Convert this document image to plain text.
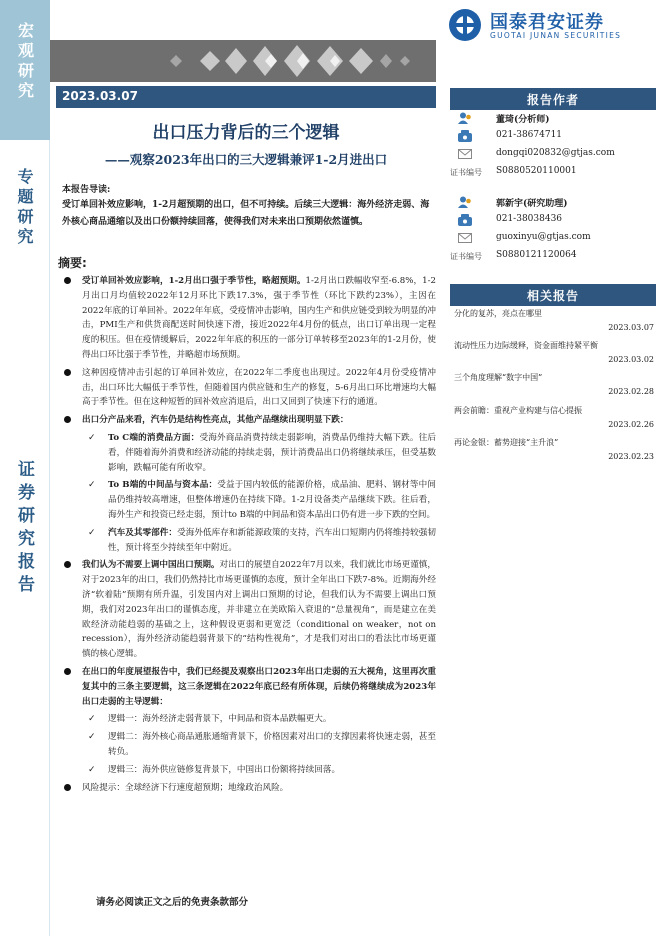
宏观研究
专题研究
证券研究报告
国泰君安证券
GUOTAI JUNAN SECURITIES
2023.03.07
出口压力背后的三个逻辑
——观察2023年出口的三大逻辑兼评1-2月进出口
本报告导读:
受订单回补效应影响，1-2月超预期的出口，但不可持续。后续三大逻辑：海外经济走弱、海外核心商品通缩以及出口份额持续回落，使得我们对未来出口预期依然谨慎。
摘要:
受订单回补效应影响，1-2月出口强于季节性，略超预期。1-2月出口跌幅收窄至-6.8%，1-2月出口月均值较2022年12月环比下跌17.3%，强于季节性（环比下跌约23%），主因在2022年底的订单回补。2022年年底，受疫情冲击影响，国内生产和供应链受到较为明显的冲击，PMI生产和供货商配送时间快速下滑，接近2022年4月份的低点，出口订单出现一定程度的积压。但在疫情缓解后，2022年年底的积压的一部分订单转移至2023年的1-2月份，使得出口环比强于季节性，并略超市场预期。
这种因疫情冲击引起的订单回补效应，在2022年二季度也出现过。2022年4月份受疫情冲击，出口环比大幅低于季节性，但随着国内供应链和生产的修复，5-6月出口环比增速均大幅高于季节性。但在这种短暂的回补效应消退后，出口又回到了快速下行的通道。
出口分产品来看，汽车仍是结构性亮点，其他产品继续出现明显下跌：
✓ To C端的消费品方面：受海外商品消费持续走弱影响，消费品仍维持大幅下跌。往后看，伴随着海外消费和经济动能的持续走弱，预计消费品出口仍将继续承压，但受基数影响，跌幅可能有所收窄。
✓ To B端的中间品与资本品：受益于国内较低的能源价格，成品油、肥料、钢材等中间品仍维持较高增速，但整体增速仍在持续下降。1-2月设备类产品继续下跌。往后看，海外生产和投资已经走弱，预计to B端的中间品和资本品出口仍有进一步下跌的空间。
✓ 汽车及其零部件：受海外低库存和新能源政策的支持，汽车出口短期内仍将维持较强韧性，预计将至少持续至年中附近。
我们认为不需要上调中国出口预期。对出口的展望自2022年7月以来，我们就比市场更谨慎，对于2023年的出口，我们仍然持比市场更谨慎的态度，预计全年出口下跌7-8%。近期海外经济“软着陆”预期有所升温，引发国内对上调出口预期的讨论，但我们认为不需要上调出口预期，我们对2023年出口的谨慎态度，并非建立在美欧陷入衰退的“总量视角”，而是建立在美欧经济动能趋弱的基础之上，这种假设更弱和更宽泛（conditional on weaker，not on recession），海外经济动能趋弱背景下的“结构性视角”，才是我们对出口的看法比市场更谨慎的核心逻辑。
在出口的年度展望报告中，我们已经提及观察出口2023年出口走弱的五大视角，这里再次重复其中的三条主要逻辑，这三条逻辑在2022年底已经有所体现，后续仍将继续成为2023年出口走弱的主导逻辑：
✓ 逻辑一：海外经济走弱背景下，中间品和资本品跌幅更大。
✓ 逻辑二：海外核心商品通胀通缩背景下，价格因素对出口的支撑因素将快速走弱，甚至转负。
✓ 逻辑三：海外供应链修复背景下，中国出口份额将持续回落。
风险提示：全球经济下行速度超预期；地缘政治风险。
请务必阅读正文之后的免责条款部分
报告作者
董琦(分析师)
021-38674711
dongqi020832@gtjas.com
证书编号 S0880520110001
郭新宇(研究助理)
021-38038436
guoxinyu@gtjas.com
证书编号 S0880121120064
相关报告
分化的复苏，亮点在哪里
2023.03.07
流动性压力边际缓释，资金面维持紧平衡
2023.03.02
三个角度理解“数字中国”
2023.02.28
两会前瞻：重视产业构建与信心提振
2023.02.26
再论金银：蓄势迎接“主升浪”
2023.02.23
